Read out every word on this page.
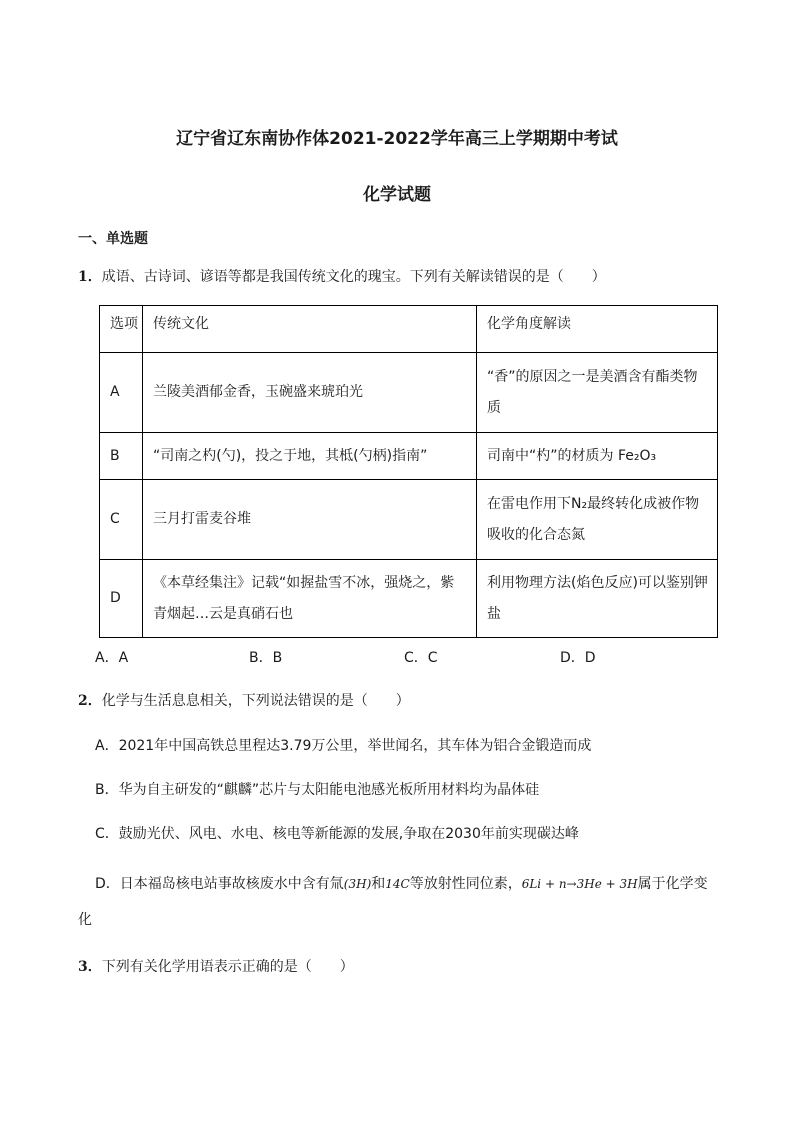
辽宁省辽东南协作体2021-2022学年高三上学期期中考试
化学试题
一、单选题
1．成语、古诗词、谚语等都是我国传统文化的瑰宝。下列有关解读错误的是（　　）
选项	传统文化	化学角度解读
A	兰陵美酒郁金香，玉碗盛来琥珀光	“香”的原因之一是美酒含有酯类物质
B	“司南之杓(勺)，投之于地，其柢(勺柄)指南”	司南中“杓”的材质为 Fe₂O₃
C	三月打雷麦谷堆	在雷电作用下N₂最终转化成被作物吸收的化合态氮
D	《本草经集注》记载“如握盐雪不冰，强烧之，紫青烟起…云是真硝石也	利用物理方法(焰色反应)可以鉴别钾盐
A．A	B．B	C．C	D．D
2．化学与生活息息相关，下列说法错误的是（　　）
A．2021年中国高铁总里程达3.79万公里，举世闻名，其车体为铝合金锻造而成
B．华为自主研发的“麒麟”芯片与太阳能电池感光板所用材料均为晶体硅
C．鼓励光伏、风电、水电、核电等新能源的发展,争取在2030年前实现碳达峰
D．日本福岛核电站事故核废水中含有氚(3H)和14C等放射性同位素，6Li + n→3He + 3H属于化学变
化
3．下列有关化学用语表示正确的是（　　）
